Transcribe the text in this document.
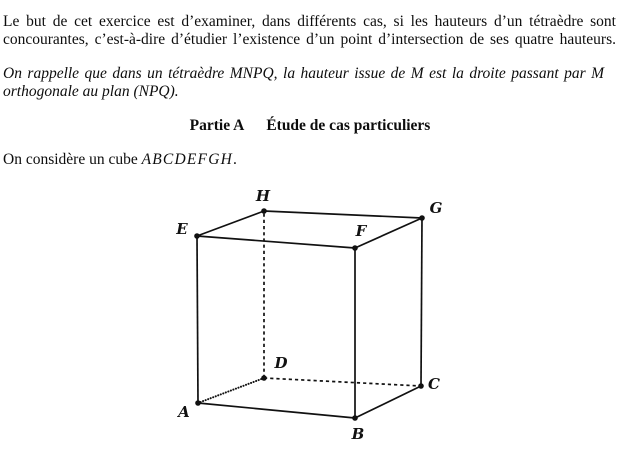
Le but de cet exercice est d’examiner, dans différents cas, si les hauteurs d’un tétraèdre sont
concourantes, c’est-à-dire d’étudier l’existence d’un point d’intersection de ses quatre hauteurs.
On rappelle que dans un tétraèdre MNPQ, la hauteur issue de M est la droite passant par M
orthogonale au plan (NPQ).
Partie A Étude de cas particuliers
On considère un cube ABCDEFGH.
A
B
C
D
E	F
G
H
